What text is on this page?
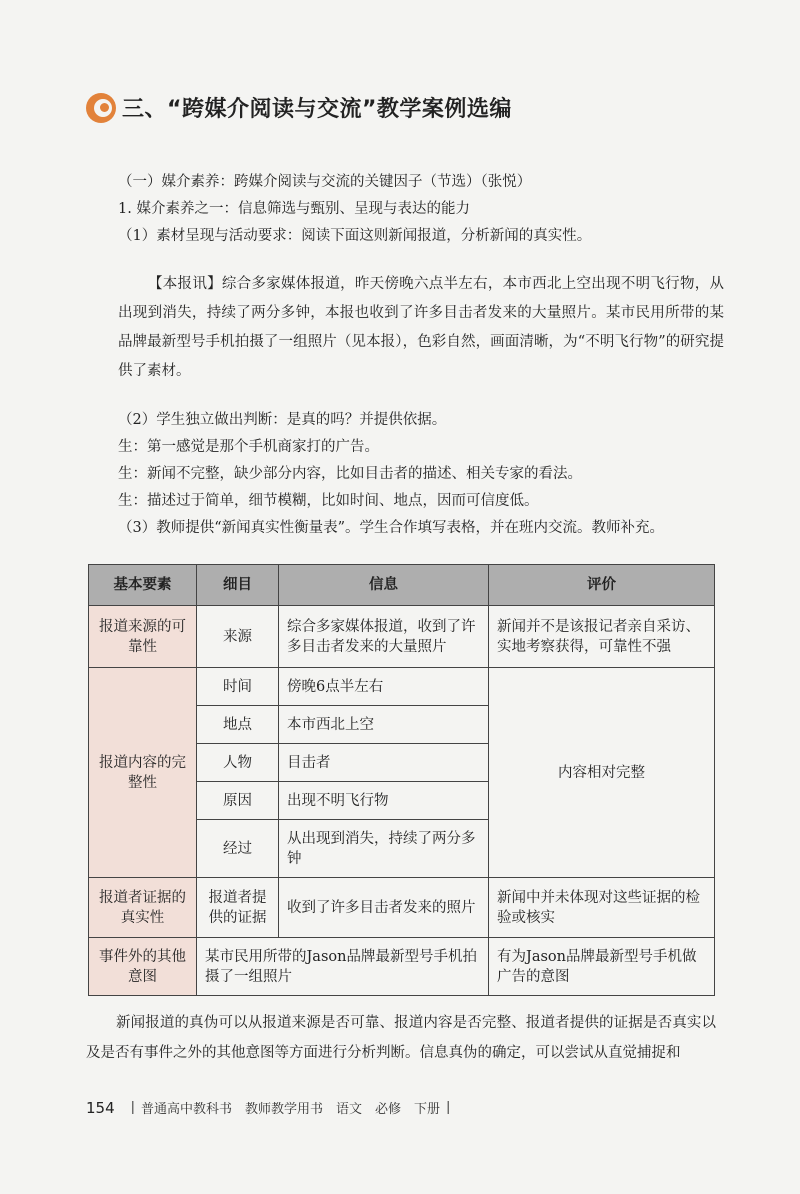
三、“跨媒介阅读与交流”教学案例选编
（一）媒介素养：跨媒介阅读与交流的关键因子（节选）（张悦）
1. 媒介素养之一：信息筛选与甄别、呈现与表达的能力
（1）素材呈现与活动要求：阅读下面这则新闻报道，分析新闻的真实性。
【本报讯】综合多家媒体报道，昨天傍晚六点半左右，本市西北上空出现不明飞行物，从出现到消失，持续了两分多钟，本报也收到了许多目击者发来的大量照片。某市民用所带的某品牌最新型号手机拍摄了一组照片（见本报），色彩自然，画面清晰，为“不明飞行物”的研究提供了素材。
（2）学生独立做出判断：是真的吗？并提供依据。
生：第一感觉是那个手机商家打的广告。
生：新闻不完整，缺少部分内容，比如目击者的描述、相关专家的看法。
生：描述过于简单，细节模糊，比如时间、地点，因而可信度低。
（3）教师提供“新闻真实性衡量表”。学生合作填写表格，并在班内交流。教师补充。
基本要素	细目	信息	评价
报道来源的可靠性	来源	综合多家媒体报道，收到了许多目击者发来的大量照片	新闻并不是该报记者亲自采访、实地考察获得，可靠性不强
报道内容的完整性	时间	傍晚6点半左右	内容相对完整
	地点	本市西北上空	
	人物	目击者	
	原因	出现不明飞行物	
	经过	从出现到消失，持续了两分多钟	
报道者证据的真实性	报道者提供的证据	收到了许多目击者发来的照片	新闻中并未体现对这些证据的检验或核实
事件外的其他意图	某市民用所带的Jason品牌最新型号手机拍摄了一组照片		有为Jason品牌最新型号手机做广告的意图
新闻报道的真伪可以从报道来源是否可靠、报道内容是否完整、报道者提供的证据是否真实以及是否有事件之外的其他意图等方面进行分析判断。信息真伪的确定，可以尝试从直觉捕捉和
154 | 普通高中教科书　教师教学用书　语文　必修　下册 |
